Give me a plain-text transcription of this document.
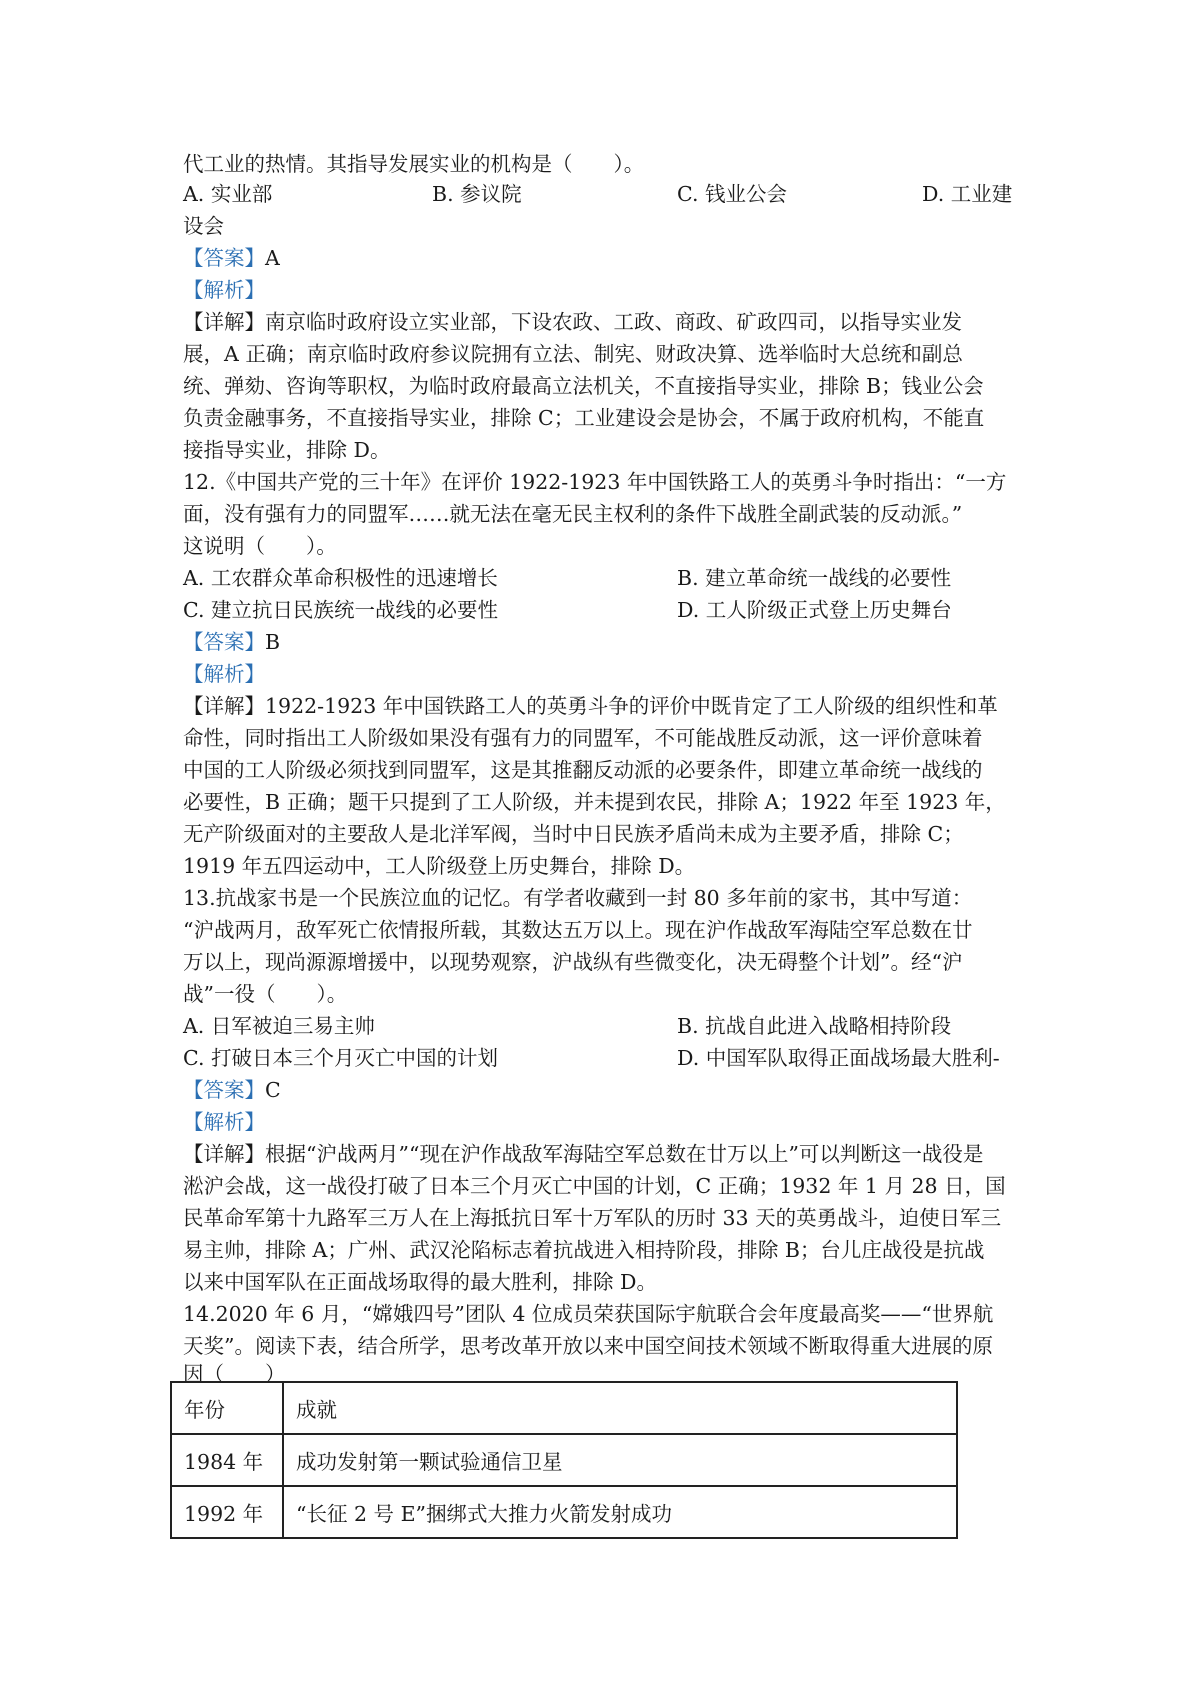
代工业的热情。其指导发展实业的机构是（　　）。
A. 实业部	B. 参议院	C. 钱业公会	D. 工业建
设会
【答案】A
【解析】
【详解】南京临时政府设立实业部，下设农政、工政、商政、矿政四司，以指导实业发
展，A 正确；南京临时政府参议院拥有立法、制宪、财政决算、选举临时大总统和副总
统、弹劾、咨询等职权，为临时政府最高立法机关，不直接指导实业，排除 B；钱业公会
负责金融事务，不直接指导实业，排除 C；工业建设会是协会，不属于政府机构，不能直
接指导实业，排除 D。
12.《中国共产党的三十年》在评价 1922-1923 年中国铁路工人的英勇斗争时指出：“一方
面，没有强有力的同盟军……就无法在毫无民主权利的条件下战胜全副武装的反动派。”
这说明（　　）。
A. 工农群众革命积极性的迅速增长	B. 建立革命统一战线的必要性
C. 建立抗日民族统一战线的必要性	D. 工人阶级正式登上历史舞台
【答案】B
【解析】
【详解】1922-1923 年中国铁路工人的英勇斗争的评价中既肯定了工人阶级的组织性和革
命性，同时指出工人阶级如果没有强有力的同盟军，不可能战胜反动派，这一评价意味着
中国的工人阶级必须找到同盟军，这是其推翻反动派的必要条件，即建立革命统一战线的
必要性，B 正确；题干只提到了工人阶级，并未提到农民，排除 A；1922 年至 1923 年，
无产阶级面对的主要敌人是北洋军阀，当时中日民族矛盾尚未成为主要矛盾，排除 C；
1919 年五四运动中，工人阶级登上历史舞台，排除 D。
13.抗战家书是一个民族泣血的记忆。有学者收藏到一封 80 多年前的家书，其中写道：
“沪战两月，敌军死亡依情报所载，其数达五万以上。现在沪作战敌军海陆空军总数在廿
万以上，现尚源源增援中，以现势观察，沪战纵有些微变化，决无碍整个计划”。经“沪
战”一役（　　）。
A. 日军被迫三易主帅	B. 抗战自此进入战略相持阶段
C. 打破日本三个月灭亡中国的计划	D. 中国军队取得正面战场最大胜利-
【答案】C
【解析】
【详解】根据“沪战两月”“现在沪作战敌军海陆空军总数在廿万以上”可以判断这一战役是
淞沪会战，这一战役打破了日本三个月灭亡中国的计划，C 正确；1932 年 1 月 28 日，国
民革命军第十九路军三万人在上海抵抗日军十万军队的历时 33 天的英勇战斗，迫使日军三
易主帅，排除 A；广州、武汉沦陷标志着抗战进入相持阶段，排除 B；台儿庄战役是抗战
以来中国军队在正面战场取得的最大胜利，排除 D。
14.2020 年 6 月，“嫦娥四号”团队 4 位成员荣获国际宇航联合会年度最高奖——“世界航
天奖”。阅读下表，结合所学，思考改革开放以来中国空间技术领域不断取得重大进展的原
因（　　）
年份	成就
1984 年	成功发射第一颗试验通信卫星
1992 年	“长征 2 号 E”捆绑式大推力火箭发射成功
